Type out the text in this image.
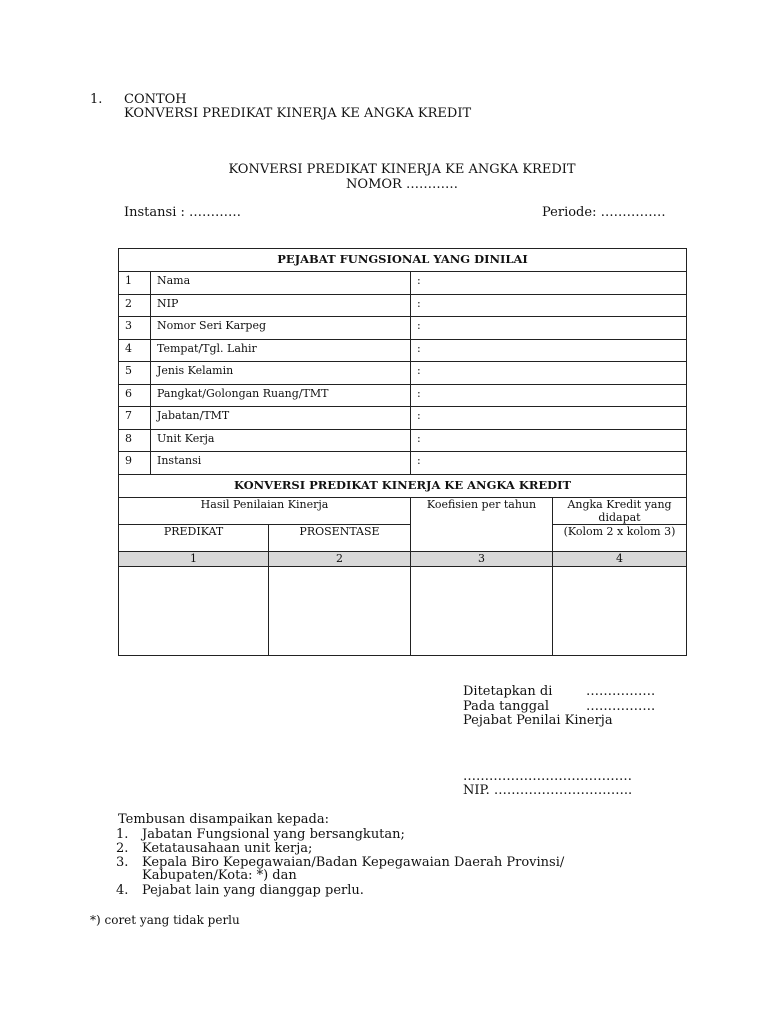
1. CONTOH
KONVERSI PREDIKAT KINERJA KE ANGKA KREDIT
KONVERSI PREDIKAT KINERJA KE ANGKA KREDIT
NOMOR …………
Instansi : …………	Periode: ……………
PEJABAT FUNGSIONAL YANG DINILAI				
1	Nama		:	
2	NIP		:	
3	Nomor Seri Karpeg		:	
4	Tempat/Tgl. Lahir		:	
5	Jenis Kelamin		:	
6	Pangkat/Golongan Ruang/TMT		:	
7	Jabatan/TMT		:	
8	Unit Kerja		:	
9	Instansi		:	
KONVERSI PREDIKAT KINERJA KE ANGKA KREDIT				
Hasil Penilaian Kinerja			Koefisien per tahun	Angka Kredit yang didapat
PREDIKAT		PROSENTASE		(Kolom 2 x kolom 3)
1		2	3	4

Ditetapkan di	…………….
Pada tanggal	…………….
Pejabat Penilai Kinerja
…………………………………
NIP. …………………………..
Tembusan disampaikan kepada:
1. Jabatan Fungsional yang bersangkutan;
2. Ketatausahaan unit kerja;
3. Kepala Biro Kepegawaian/Badan Kepegawaian Daerah Provinsi/
Kabupaten/Kota: *) dan
4. Pejabat lain yang dianggap perlu.
*) coret yang tidak perlu
